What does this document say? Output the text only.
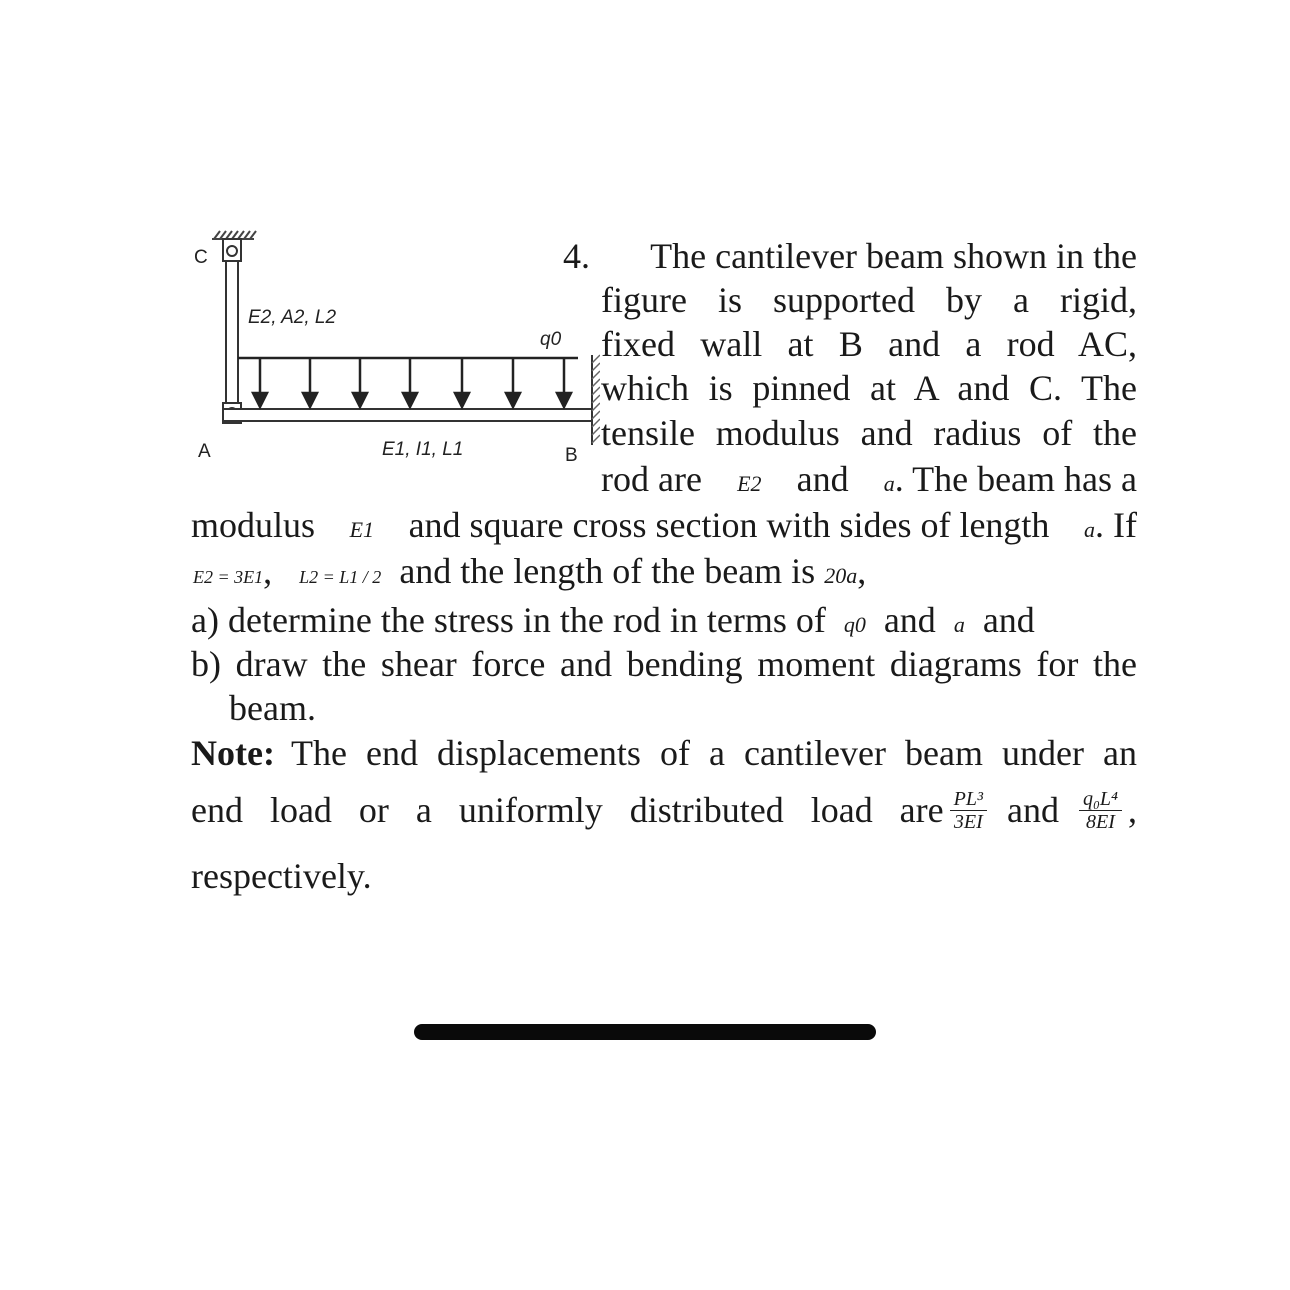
C
E2, A2, L2
q0
A	E1, I1, L1	B
4. The cantilever beam shown in the
figure is supported by a rigid,
fixed wall at B and a rod AC,
which is pinned at A and C. The
tensile modulus and radius of the
rod are E2 and a. The beam has a
modulus E1 and square cross section with sides of length a. If
E2 = 3E1,   L2 = L1 / 2 and the length of the beam is 20a,
a) determine the stress in the rod in terms of q0 and a and
b) draw the shear force and bending moment diagrams for the
beam.
Note: The end displacements of a cantilever beam under an
end load or a uniformly distributed load are $\frac{\text{PL³}}{3EI}$ and $\frac{\text{q₀L⁴}}{8EI}$ ,
respectively.
